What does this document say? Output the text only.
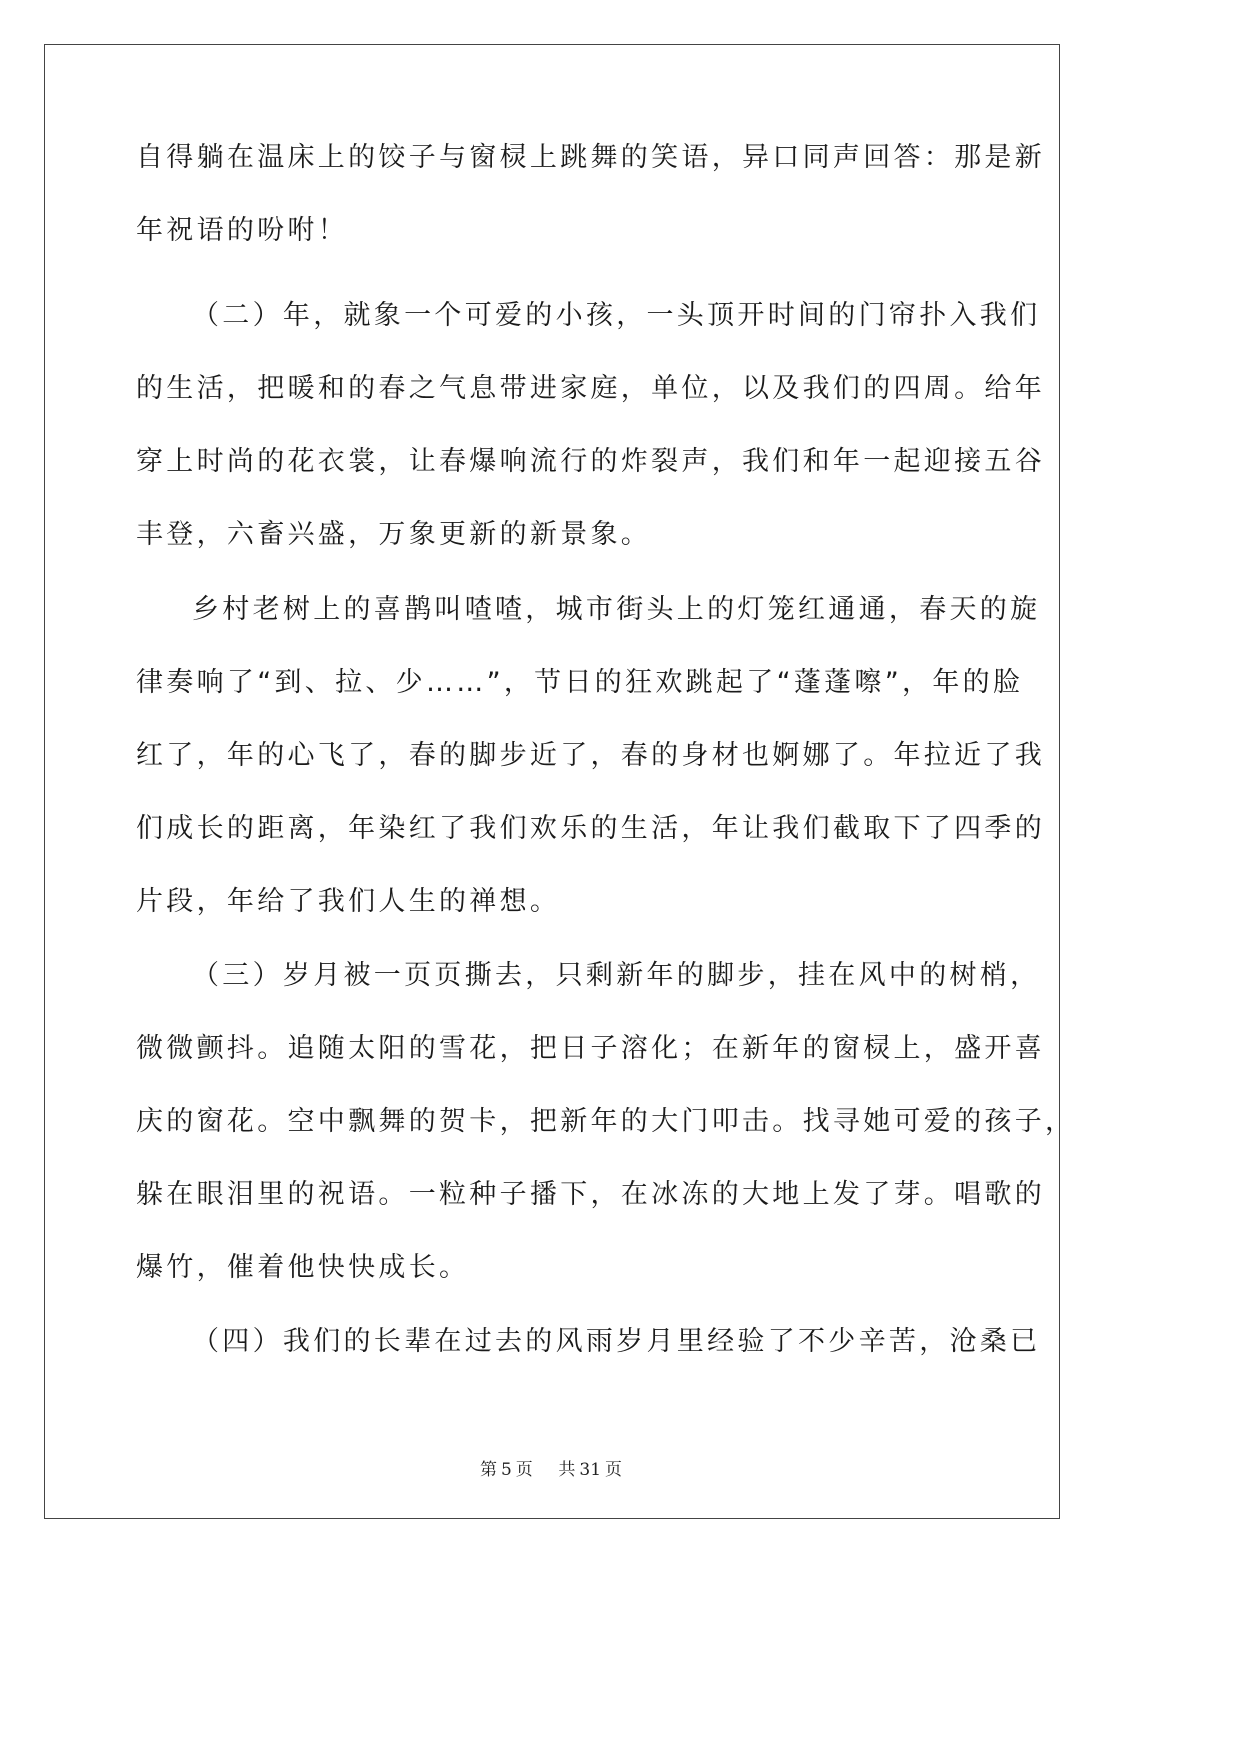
自得躺在温床上的饺子与窗棂上跳舞的笑语，异口同声回答：那是新
年祝语的吩咐！
（二）年，就象一个可爱的小孩，一头顶开时间的门帘扑入我们
的生活，把暖和的春之气息带进家庭，单位，以及我们的四周。给年
穿上时尚的花衣裳，让春爆响流行的炸裂声，我们和年一起迎接五谷
丰登，六畜兴盛，万象更新的新景象。
乡村老树上的喜鹊叫喳喳，城市街头上的灯笼红通通，春天的旋
律奏响了“到、拉、少……”，节日的狂欢跳起了“蓬蓬嚓”，年的脸
红了，年的心飞了，春的脚步近了，春的身材也婀娜了。年拉近了我
们成长的距离，年染红了我们欢乐的生活，年让我们截取下了四季的
片段，年给了我们人生的禅想。
（三）岁月被一页页撕去，只剩新年的脚步，挂在风中的树梢，
微微颤抖。追随太阳的雪花，把日子溶化；在新年的窗棂上，盛开喜
庆的窗花。空中飘舞的贺卡，把新年的大门叩击。找寻她可爱的孩子，
躲在眼泪里的祝语。一粒种子播下，在冰冻的大地上发了芽。唱歌的
爆竹，催着他快快成长。
（四）我们的长辈在过去的风雨岁月里经验了不少辛苦，沧桑已
第 5 页 共 31 页
